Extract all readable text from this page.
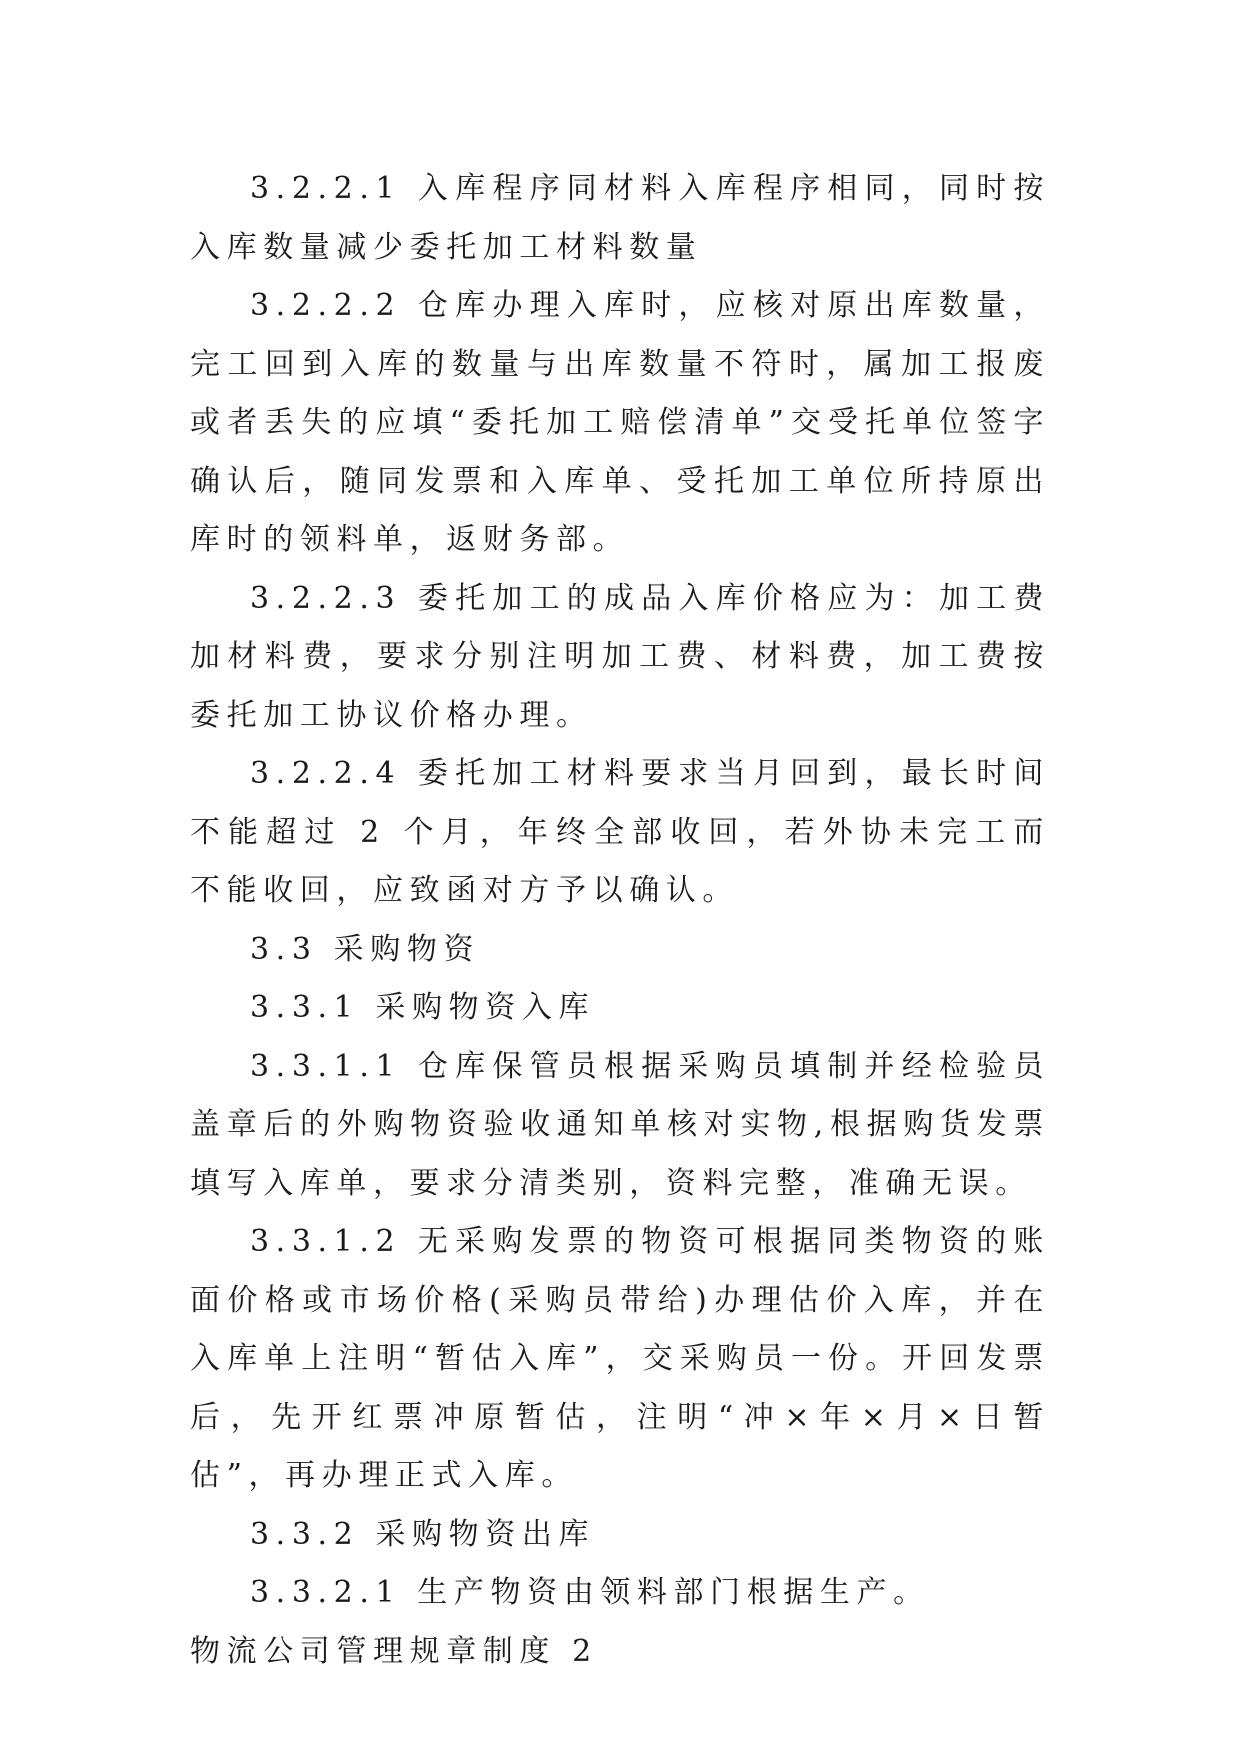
3.2.2.1 入库程序同材料入库程序相同，同时按入库数量减少委托加工材料数量

3.2.2.2 仓库办理入库时，应核对原出库数量，完工回到入库的数量与出库数量不符时，属加工报废或者丢失的应填“委托加工赔偿清单”交受托单位签字确认后，随同发票和入库单、受托加工单位所持原出库时的领料单，返财务部。

3.2.2.3 委托加工的成品入库价格应为：加工费加材料费，要求分别注明加工费、材料费，加工费按委托加工协议价格办理。

3.2.2.4 委托加工材料要求当月回到，最长时间不能超过 2 个月，年终全部收回，若外协未完工而不能收回，应致函对方予以确认。

3.3 采购物资

3.3.1 采购物资入库

3.3.1.1 仓库保管员根据采购员填制并经检验员盖章后的外购物资验收通知单核对实物,根据购货发票填写入库单，要求分清类别，资料完整，准确无误。

3.3.1.2 无采购发票的物资可根据同类物资的账面价格或市场价格(采购员带给)办理估价入库，并在入库单上注明“暂估入库”，交采购员一份。开回发票后，先开红票冲原暂估，注明“冲×年×月×日暂估”，再办理正式入库。

3.3.2 采购物资出库

3.3.2.1 生产物资由领料部门根据生产。

物流公司管理规章制度 2
